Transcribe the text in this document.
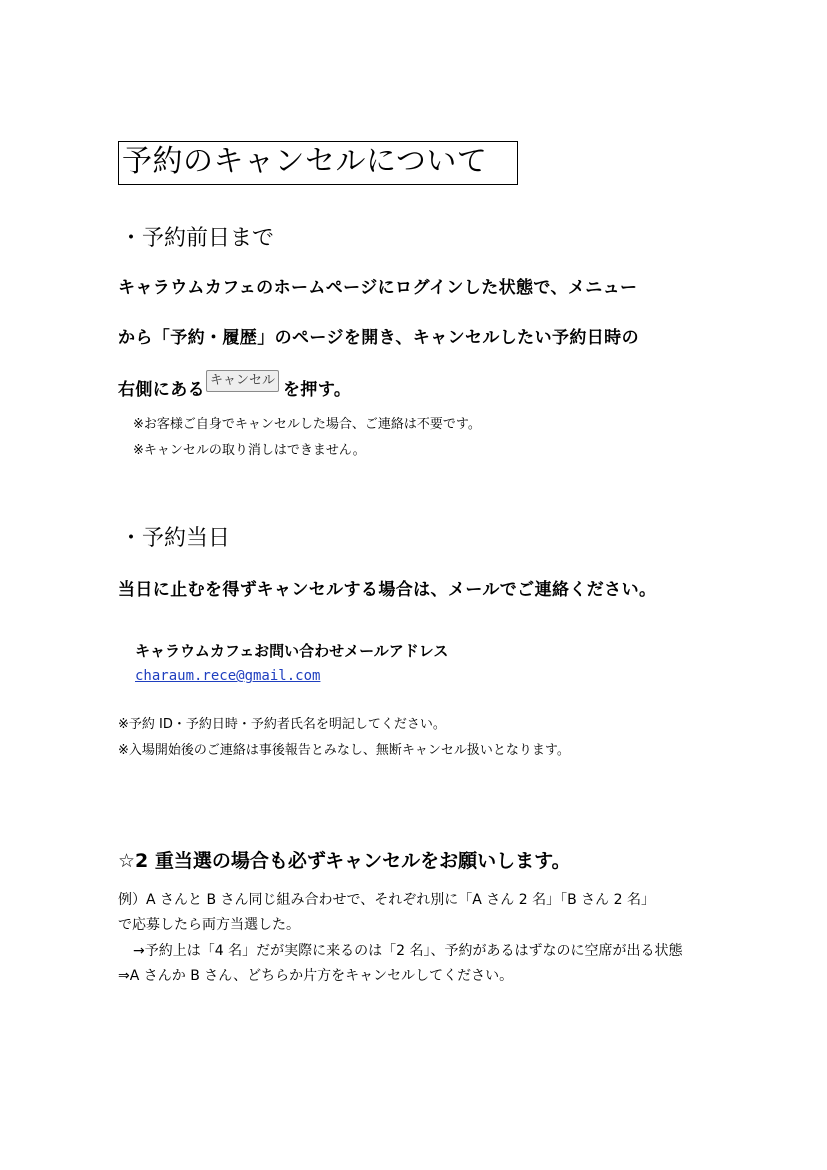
予約のキャンセルについて
・予約前日まで
キャラウムカフェのホームページにログインした状態で、メニュー
から「予約・履歴」のページを開き、キャンセルしたい予約日時の
右側にある キャンセル を押す。
※お客様ご自身でキャンセルした場合、ご連絡は不要です。
※キャンセルの取り消しはできません。
・予約当日
当日に止むを得ずキャンセルする場合は、メールでご連絡ください。
キャラウムカフェお問い合わせメールアドレス
charaum.rece@gmail.com
※予約 ID・予約日時・予約者氏名を明記してください。
※入場開始後のご連絡は事後報告とみなし、無断キャンセル扱いとなります。
☆2 重当選の場合も必ずキャンセルをお願いします。
例）A さんと B さん同じ組み合わせで、それぞれ別に「A さん 2 名」「B さん 2 名」
で応募したら両方当選した。
→予約上は「4 名」だが実際に来るのは「2 名」、予約があるはずなのに空席が出る状態
⇒A さんか B さん、どちらか片方をキャンセルしてください。
